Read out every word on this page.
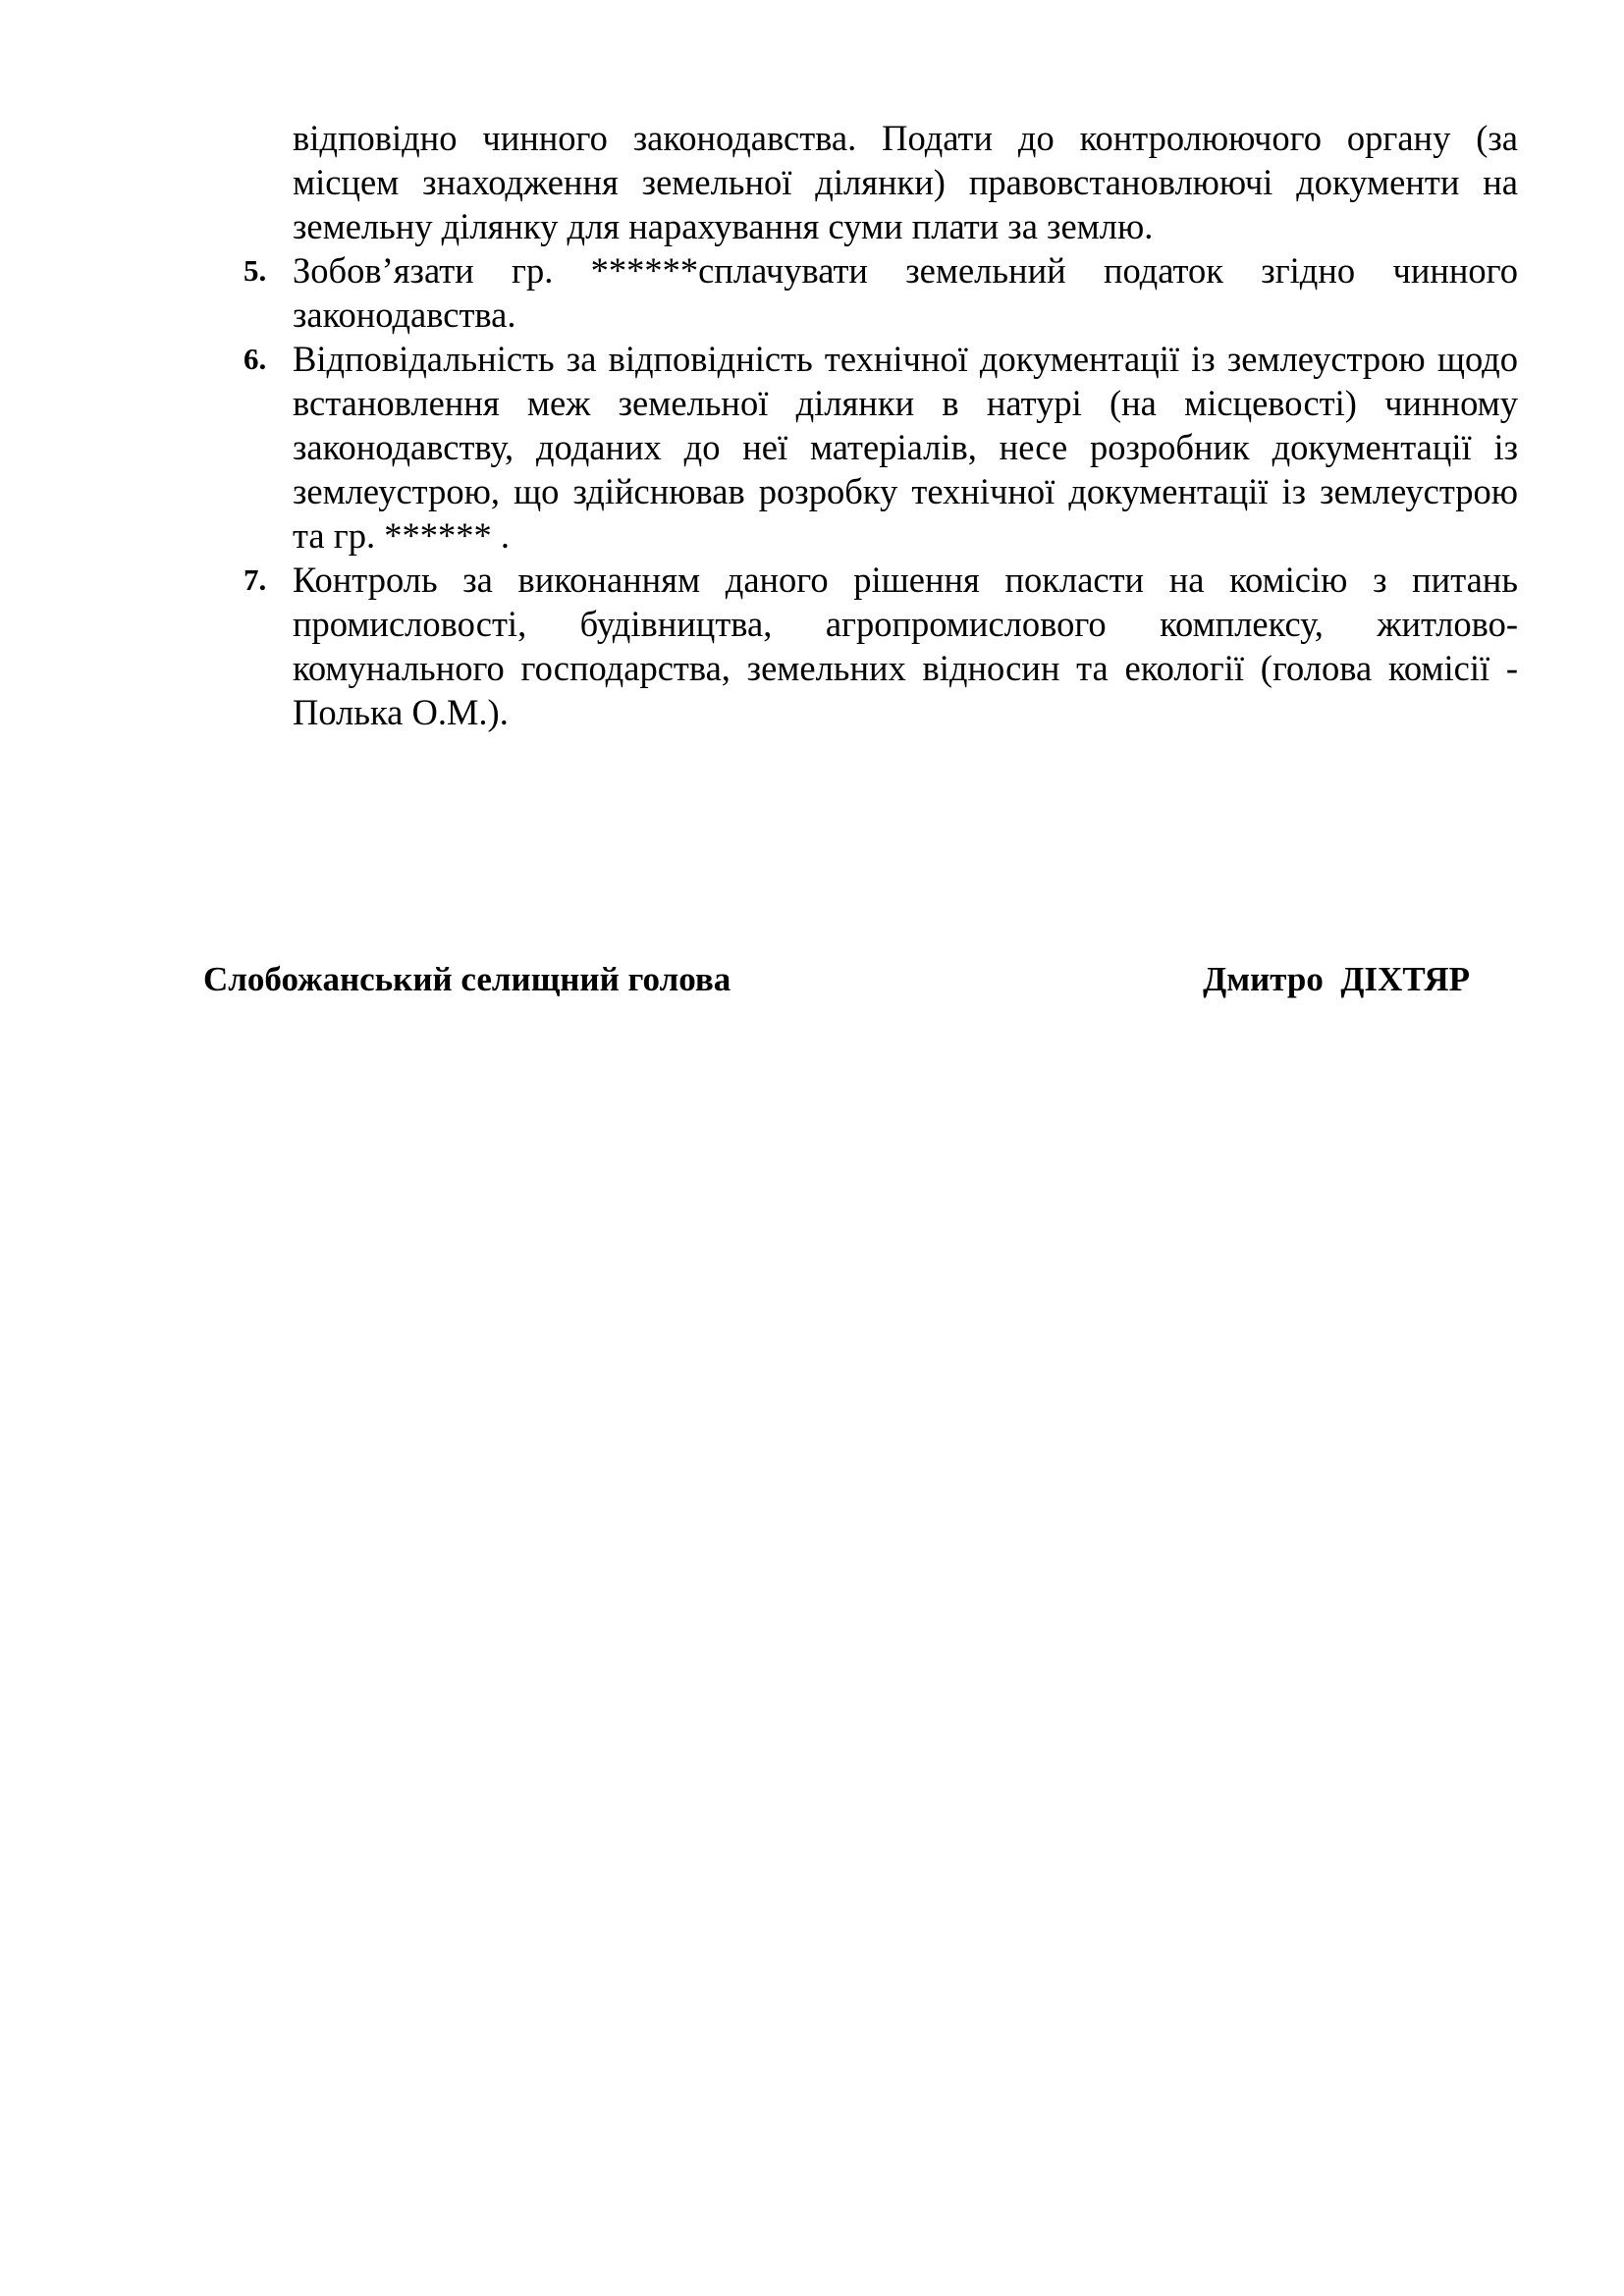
відповідно чинного законодавства. Подати до контролюючого органу (за місцем знаходження земельної ділянки) правовстановлюючі документи на земельну ділянку для нарахування суми плати за землю.

5. Зобов’язати гр. ******сплачувати земельний податок згідно чинного законодавства.
6. Відповідальність за відповідність технічної документації із землеустрою щодо встановлення меж земельної ділянки в натурі (на місцевості) чинному законодавству, доданих до неї матеріалів, несе розробник документації із землеустрою, що здійснював розробку технічної документації із землеустрою та гр. ****** .
7. Контроль за виконанням даного рішення покласти на комісію з питань промисловості, будівництва, агропромислового комплексу, житлово-комунального господарства, земельних відносин та екології (голова комісії - Полька О.М.).
Слобожанський селищний голова	Дмитро  ДІХТЯР
